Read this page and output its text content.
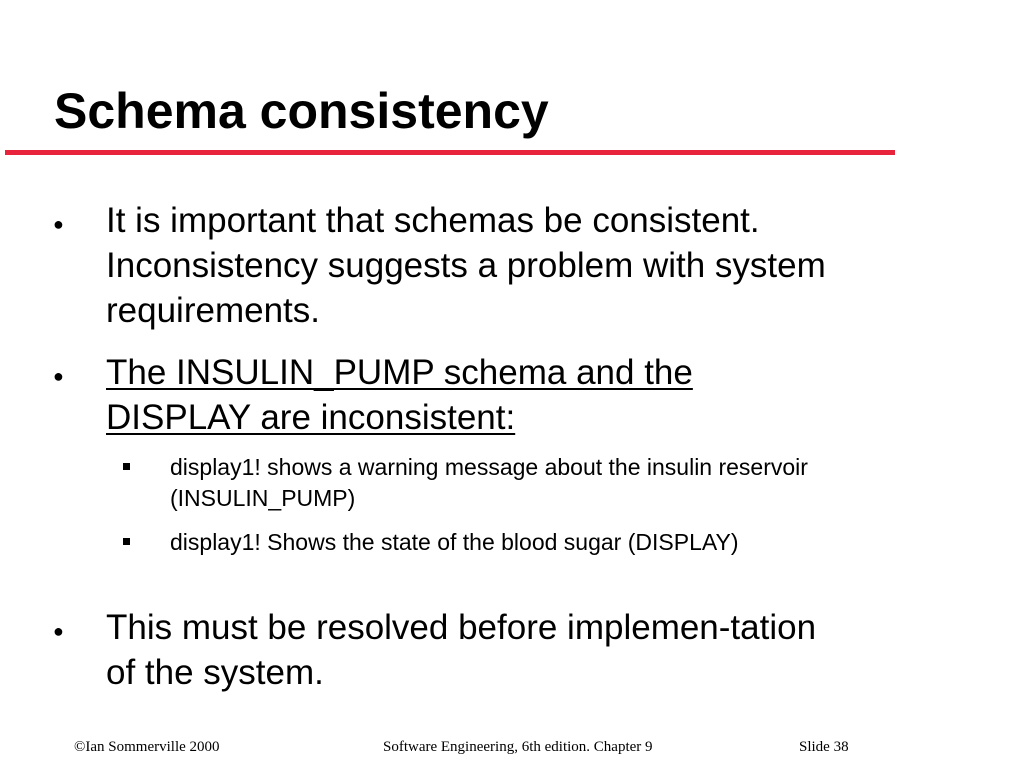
Schema consistency
● It is important that schemas be consistent. Inconsistency suggests a problem with system requirements.
● The INSULIN_PUMP schema and the DISPLAY are inconsistent:
display1! shows a warning message about the insulin reservoir (INSULIN_PUMP)
display1! Shows the state of the blood sugar (DISPLAY)
● This must be resolved before implemen-tation of the system.
©Ian Sommerville 2000	Software Engineering, 6th edition. Chapter 9	Slide 38
